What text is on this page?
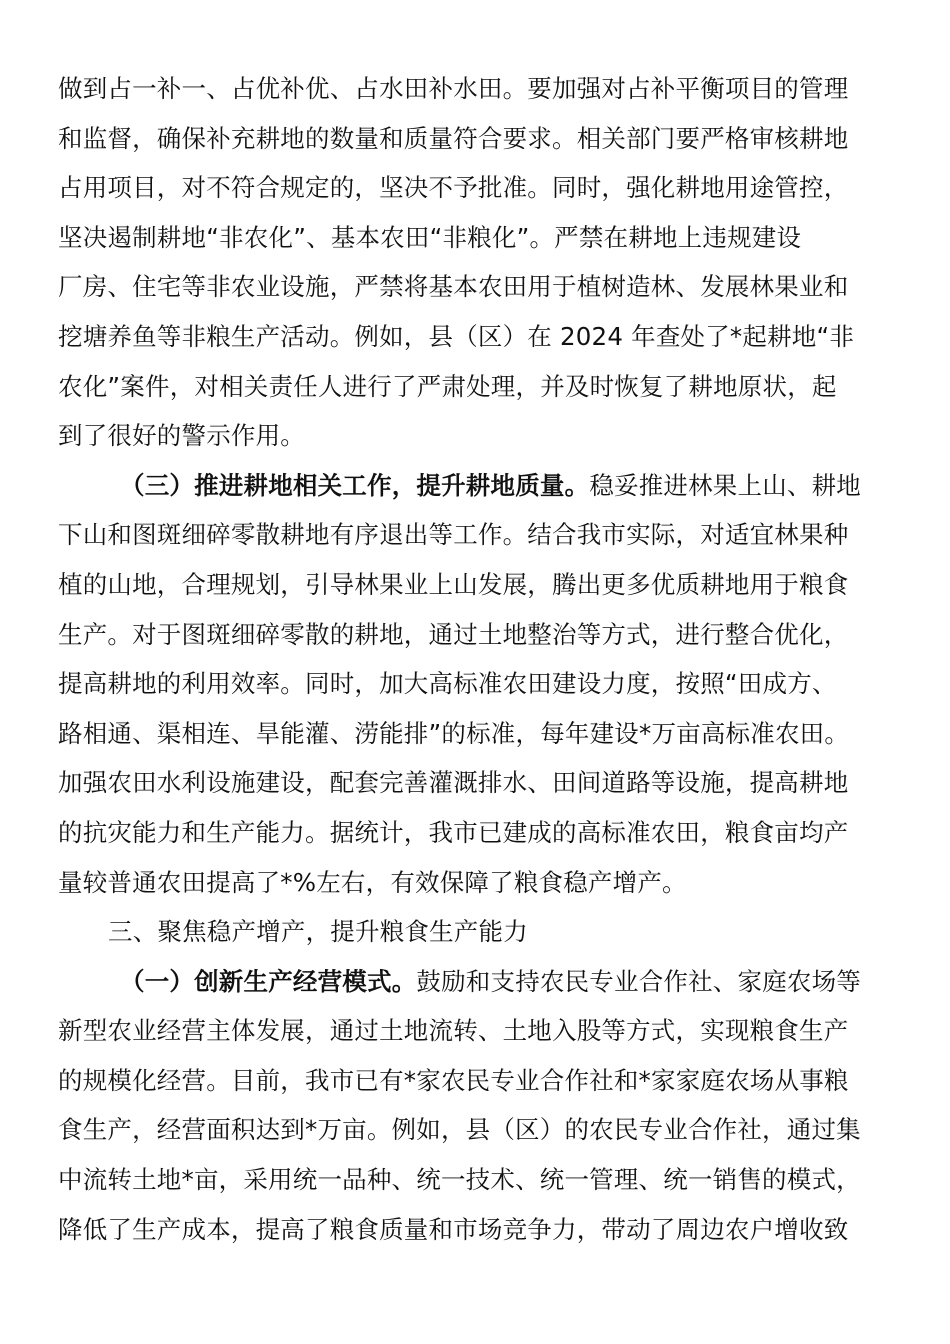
做到占一补一、占优补优、占水田补水田。要加强对占补平衡项目的管理
和监督，确保补充耕地的数量和质量符合要求。相关部门要严格审核耕地
占用项目，对不符合规定的，坚决不予批准。同时，强化耕地用途管控，
坚决遏制耕地“非农化”、基本农田“非粮化”。严禁在耕地上违规建设
厂房、住宅等非农业设施，严禁将基本农田用于植树造林、发展林果业和
挖塘养鱼等非粮生产活动。例如，县（区）在 2024 年查处了*起耕地“非
农化”案件，对相关责任人进行了严肃处理，并及时恢复了耕地原状，起
到了很好的警示作用。
（三）推进耕地相关工作，提升耕地质量。稳妥推进林果上山、耕地
下山和图斑细碎零散耕地有序退出等工作。结合我市实际，对适宜林果种
植的山地，合理规划，引导林果业上山发展，腾出更多优质耕地用于粮食
生产。对于图斑细碎零散的耕地，通过土地整治等方式，进行整合优化，
提高耕地的利用效率。同时，加大高标准农田建设力度，按照“田成方、
路相通、渠相连、旱能灌、涝能排”的标准，每年建设*万亩高标准农田。
加强农田水利设施建设，配套完善灌溉排水、田间道路等设施，提高耕地
的抗灾能力和生产能力。据统计，我市已建成的高标准农田，粮食亩均产
量较普通农田提高了*%左右，有效保障了粮食稳产增产。
三、聚焦稳产增产，提升粮食生产能力
（一）创新生产经营模式。鼓励和支持农民专业合作社、家庭农场等
新型农业经营主体发展，通过土地流转、土地入股等方式，实现粮食生产
的规模化经营。目前，我市已有*家农民专业合作社和*家家庭农场从事粮
食生产，经营面积达到*万亩。例如，县（区）的农民专业合作社，通过集
中流转土地*亩，采用统一品种、统一技术、统一管理、统一销售的模式，
降低了生产成本，提高了粮食质量和市场竞争力，带动了周边农户增收致
